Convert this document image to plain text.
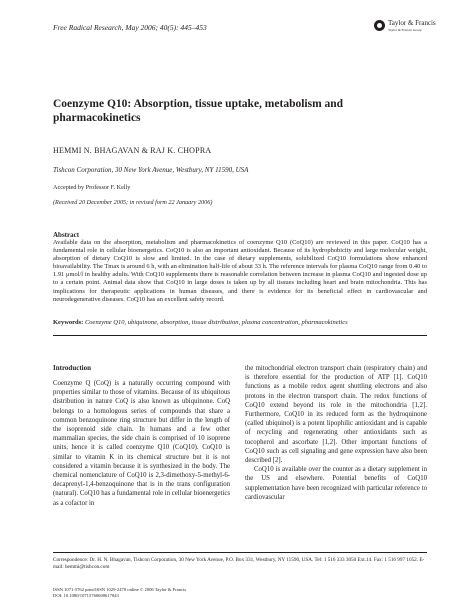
Free Radical Research, May 2006; 40(5): 445–453	Taylor & Francis
Taylor & Francis Group
Coenzyme Q10: Absorption, tissue uptake, metabolism and pharmacokinetics
HEMMI N. BHAGAVAN & RAJ K. CHOPRA
Tishcon Corporation, 30 New York Avenue, Westbury, NY 11590, USA
Accepted by Professor F. Kelly
(Received 20 December 2005; in revised form 22 January 2006)
Abstract
Available data on the absorption, metabolism and pharmacokinetics of coenzyme Q10 (CoQ10) are reviewed in this paper. CoQ10 has a fundamental role in cellular bioenergetics. CoQ10 is also an important antioxidant. Because of its hydrophobicity and large molecular weight, absorption of dietary CoQ10 is slow and limited. In the case of dietary supplements, solubilized CoQ10 formulations show enhanced bioavailability. The Tmax is around 6 h, with an elimination half-life of about 33 h. The reference intervals for plasma CoQ10 range from 0.40 to 1.91 μmol/l in healthy adults. With CoQ10 supplements there is reasonable correlation between increase in plasma CoQ10 and ingested dose up to a certain point. Animal data show that CoQ10 in large doses is taken up by all tissues including heart and brain mitochondria. This has implications for therapeutic applications in human diseases, and there is evidence for its beneficial effect in cardiovascular and neurodegenerative diseases. CoQ10 has an excellent safety record.
Keywords: Coenzyme Q10, ubiquinone, absorption, tissue distribution, plasma concentration, pharmacokinetics
Introduction

Coenzyme Q (CoQ) is a naturally occurring compound with properties similar to those of vitamins. Because of its ubiquitous distribution in nature CoQ is also known as ubiquinone. CoQ belongs to a homologous series of compounds that share a common benzoquinone ring structure but differ in the length of the isoprenoid side chain. In humans and a few other mammalian species, the side chain is comprised of 10 isoprene units, hence it is called coenzyme Q10 (CoQ10). CoQ10 is similar to vitamin K in its chemical structure but it is not considered a vitamin because it is synthesized in the body. The chemical nomenclature of CoQ10 is 2,3-dimethoxy-5-methyl-6-decaprenyl-1,4-benzoquinone that is in the trans configuration (natural). CoQ10 has a fundamental role in cellular bioenergetics as a cofactor in

the mitochondrial electron transport chain (respiratory chain) and is therefore essential for the production of ATP [1]. CoQ10 functions as a mobile redox agent shuttling electrons and also protons in the electron transport chain. The redox functions of CoQ10 extend beyond its role in the mitochondria [1,2]. Furthermore, CoQ10 in its reduced form as the hydroquinone (called ubiquinol) is a potent lipophilic antioxidant and is capable of recycling and regenerating other antioxidants such as tocopherol and ascorbate [1,2]. Other important functions of CoQ10 such as cell signaling and gene expression have also been described [2].

CoQ10 is available over the counter as a dietary supplement in the US and elsewhere. Potential benefits of CoQ10 supplementation have been recognized with particular reference to cardiovascular

Correspondence: Dr. H. N. Bhagavan, Tishcon Corporation, 30 New York Avenue, P.O. Box 331, Westbury, NY 11590, USA. Tel: 1 516 333 3050 Ext.14. Fax: 1 516 997 1052. E-mail: hemmi@tishcon.com
ISSN 1071-5762 print/ISSN 1029-2470 online © 2006 Taylor & Francis
DOI: 10.1080/10715760600617843
